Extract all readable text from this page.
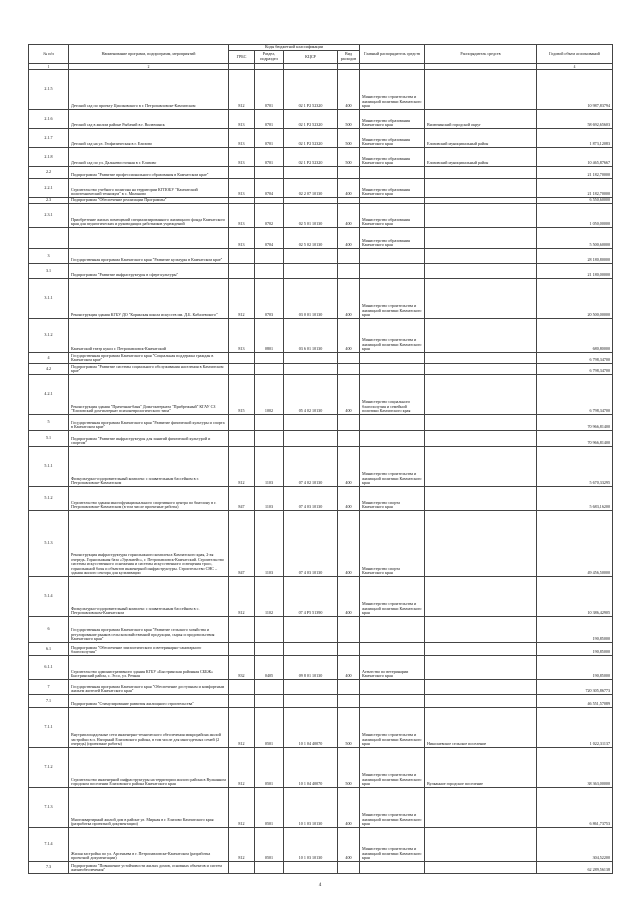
№ п/п	Наименование программ, подпрограмм, мероприятий	Коды бюджетной классификации				Главный распорядитель средств	Распорядитель средств	Годовой объем ассигнований
		ГРБС	Раздел, подраздел	КЦСР	Вид расходов			
1	2							4
2.1.5	Детский сад по проекту Циолковского в г. Петропавловске-Камчатском	812	0701	02 1 Р2 52320	400	Министерство строительства и жилищной политики Камчатского края		10 987,83794
2.1.6	Детский сад в жилом районе Рыбачий в г. Вилючинск	813	0701	02 1 Р2 52320	500	Министерство образования Камчатского края	Вилючинский городской округ	58 692,65603
2.1.7	Детский сад на ул. Геофизическая в г. Елизово	813	0701	02 1 Р2 52320	500	Министерство образования Камчатского края	Елизовский муниципальный район	1 873,12083
2.1.8	Детский сад по ул. Дальневосточная в г. Елизово	813	0701	02 1 Р2 52320	500	Министерство образования Камчатского края	Елизовский муниципальный район	10 465,87667
2.2	Подпрограмма "Развитие профессионального образования в Камчатском крае"							21 182,70000
2.2.1	Строительство учебного полигона на территории КГПОБУ "Камчатский политехнический техникум" в с. Мильково	813	0704	02 2 07 10130	400	Министерство образования Камчатского края		21 182,70000
2.3	Подпрограмма "Обеспечение реализации Программы"							6 550,60000
2.3.1	Приобретение жилых помещений специализированного жилищного фонда Камчатского края для педагогических и руководящих работников учреждений	813	0702	02 5 01 10130	400	Министерство образования Камчатского края		1 050,00000
		813	0704	02 5 02 10130	400	Министерство образования Камчатского края		5 500,60000
3	Государственная программа Камчатского края "Развитие культуры в Камчатском крае"							28 180,80000
3.1	Подпрограмма "Развитие инфраструктуры в сфере культуры"							21 180,00000
3.1.1	Реконструкция здания КГБУ ДО "Корякская школа искусств им. Д.Б. Кабалевского"	812	0703	03 0 01 10130	400	Министерство строительства и жилищной политики Камчатского края		20 500,00000
3.1.2	Камчатский театр кукол г. Петропавловск-Камчатский	813	0801	03 6 01 10130	400	Министерство строительства и жилищной политики Камчатского края		680,80000
4	Государственная программа Камчатского края "Социальная поддержка граждан в Камчатском крае"							6 798,34700
4.2	Подпрограмма "Развитие системы социального обслуживания населения в Камчатском крае"							6 798,34700
4.2.1	Реконструкция здания "Прачечная-баня" Дома-интерната "Прибрежный" КГАУ СЗ "Елизовский дом-интернат психоневрологического типа"	815	1002	05 4 02 10130	400	Министерство социального благополучия и семейной политики Камчатского края		6 798,34700
5	Государственная программа Камчатского края "Развитие физической культуры и спорта в Камчатском крае"							70 966,81400
5.1	Подпрограмма "Развитие инфраструктуры для занятий физической культурой и спортом"							70 966,81400
5.1.1	Физкультурно-оздоровительный комплекс с плавательным бассейном в г. Петропавловске-Камчатском	812	1103	07 4 02 10130	400	Министерство строительства и жилищной политики Камчатского края		5 670,33295
5.1.2	Строительство здания многофункционального спортивного центра по биатлону в г. Петропавловске-Камчатском (в том числе проектные работы)	847	1103	07 4 03 10130	400	Министерство спорта Камчатского края		5 683,16200
5.1.3	Реконструкция инфраструктуры горнолыжного комплекса Камчатского края, 2-ая очередь. Горнолыжная база «Эдельвейс», г. Петропавловск-Камчатский. Строительство системы искусственного оснежения и системы искусственного освещения трасс, горнолыжной базы и объектов инженерной инфраструктуры. Строительство СНС – здания жилого сектора для культивации	847	1103	07 4 03 10130	400	Министерство спорта Камчатского края		49 456,50000
5.1.4	Физкультурно-оздоровительный комплекс с плавательным бассейном в с. Петропавловском-Камчатском	812	1102	07 4 Р5 51390	400	Министерство строительства и жилищной политики Камчатского края		10 386,42905
6	Государственная программа Камчатского края "Развитие сельского хозяйства и регулирование рынков сельскохозяйственной продукции, сырья и продовольствия Камчатского края"							190,85000
6.1	Подпрограмма "Обеспечение эпизоотического и ветеринарно-санитарного благополучия"							190,85000
6.1.1	Строительство административного здания КГБУ «Быстринская районная СББЖ» Быстринский район, с. Эссо, ул. Речная	832	0405	09 8 01 10130	400	Агентство по ветеринарии Камчатского края		190,85000
7	Государственная программа Камчатского края "Обеспечение доступным и комфортным жильем жителей Камчатского края"							720 305,86773
7.1	Подпрограмма "Стимулирование развития жилищного строительства"							46 551,57089
7.1.1	Внутриплощадочные сети инженерно-технического обеспечения микрорайона жилой застройки в п. Нагорный Елизовского района, в том числе для многодетных семей (2 очередь) (проектные работы)	812	0501	10 1 04 40070	500	Министерство строительства и жилищной политики Камчатского края	Николаевское сельское поселение	1 022,31137
7.1.2	Строительство инженерной инфраструктуры на территории жилого района в Вулканном городском поселении Елизовского района Камчатского края	812	0501	10 1 04 40070	500	Министерство строительства и жилищной политики Камчатского края	Вулканное городское поселение	38 363,00000
7.1.3	Многоквартирный жилой дом в районе ул. Мирная в г. Елизово Камчатского края (разработка проектной документации)	812	0501	10 1 03 10130	400	Министерство строительства и жилищной политики Камчатского края		6 861,73753
7.1.4	Жилая застройка по ул. Арсеньева в г. Петропавловске-Камчатском (разработка проектной документации)	812	0501	10 1 03 10130	400	Министерство строительства и жилищной политики Камчатского края		304,52200
7.3	Подпрограмма "Повышение устойчивости жилых домов, основных объектов и систем жизнеобеспечения"							62 289,56138
4
